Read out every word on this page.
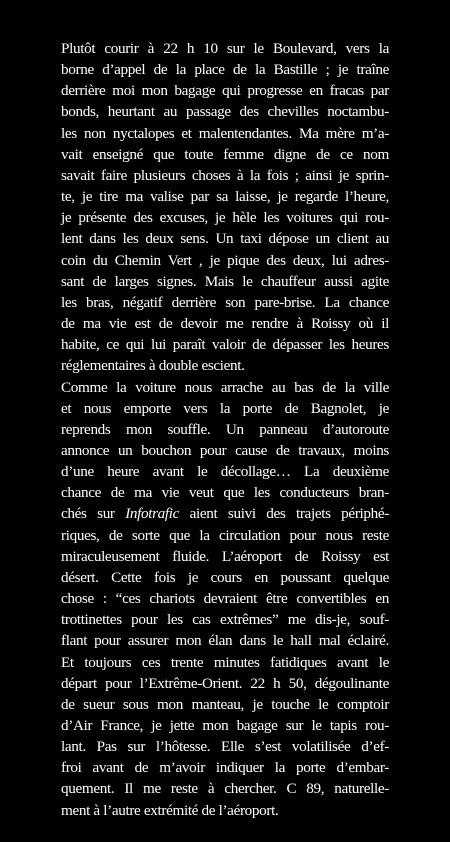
Plutôt courir à 22 h 10 sur le Boulevard, vers la
borne d’appel de la place de la Bastille ; je traîne
derrière moi mon bagage qui progresse en fracas par
bonds, heurtant au passage des chevilles noctambu-
les non nyctalopes et malentendantes. Ma mère m’a-
vait enseigné que toute femme digne de ce nom
savait faire plusieurs choses à la fois ; ainsi je sprin-
te, je tire ma valise par sa laisse, je regarde l’heure,
je présente des excuses, je hèle les voitures qui rou-
lent dans les deux sens. Un taxi dépose un client au
coin du Chemin Vert , je pique des deux, lui adres-
sant de larges signes. Mais le chauffeur aussi agite
les bras, négatif derrière son pare-brise. La chance
de ma vie est de devoir me rendre à Roissy où il
habite, ce qui lui paraît valoir de dépasser les heures
réglementaires à double escient.
Comme la voiture nous arrache au bas de la ville
et nous emporte vers la porte de Bagnolet, je
reprends mon souffle. Un panneau d’autoroute
annonce un bouchon pour cause de travaux, moins
d’une heure avant le décollage… La deuxième
chance de ma vie veut que les conducteurs bran-
chés sur Infotrafic aient suivi des trajets périphé-
riques, de sorte que la circulation pour nous reste
miraculeusement fluide. L’aéroport de Roissy est
désert. Cette fois je cours en poussant quelque
chose : “ces chariots devraient être convertibles en
trottinettes pour les cas extrêmes” me dis-je, souf-
flant pour assurer mon élan dans le hall mal éclairé.
Et toujours ces trente minutes fatidiques avant le
départ pour l’Extrême-Orient. 22 h 50, dégoulinante
de sueur sous mon manteau, je touche le comptoir
d’Air France, je jette mon bagage sur le tapis rou-
lant. Pas sur l’hôtesse. Elle s’est volatilisée d’ef-
froi avant de m’avoir indiquer la porte d’embar-
quement. Il me reste à chercher. C 89, naturelle-
ment à l’autre extrémité de l’aéroport.
